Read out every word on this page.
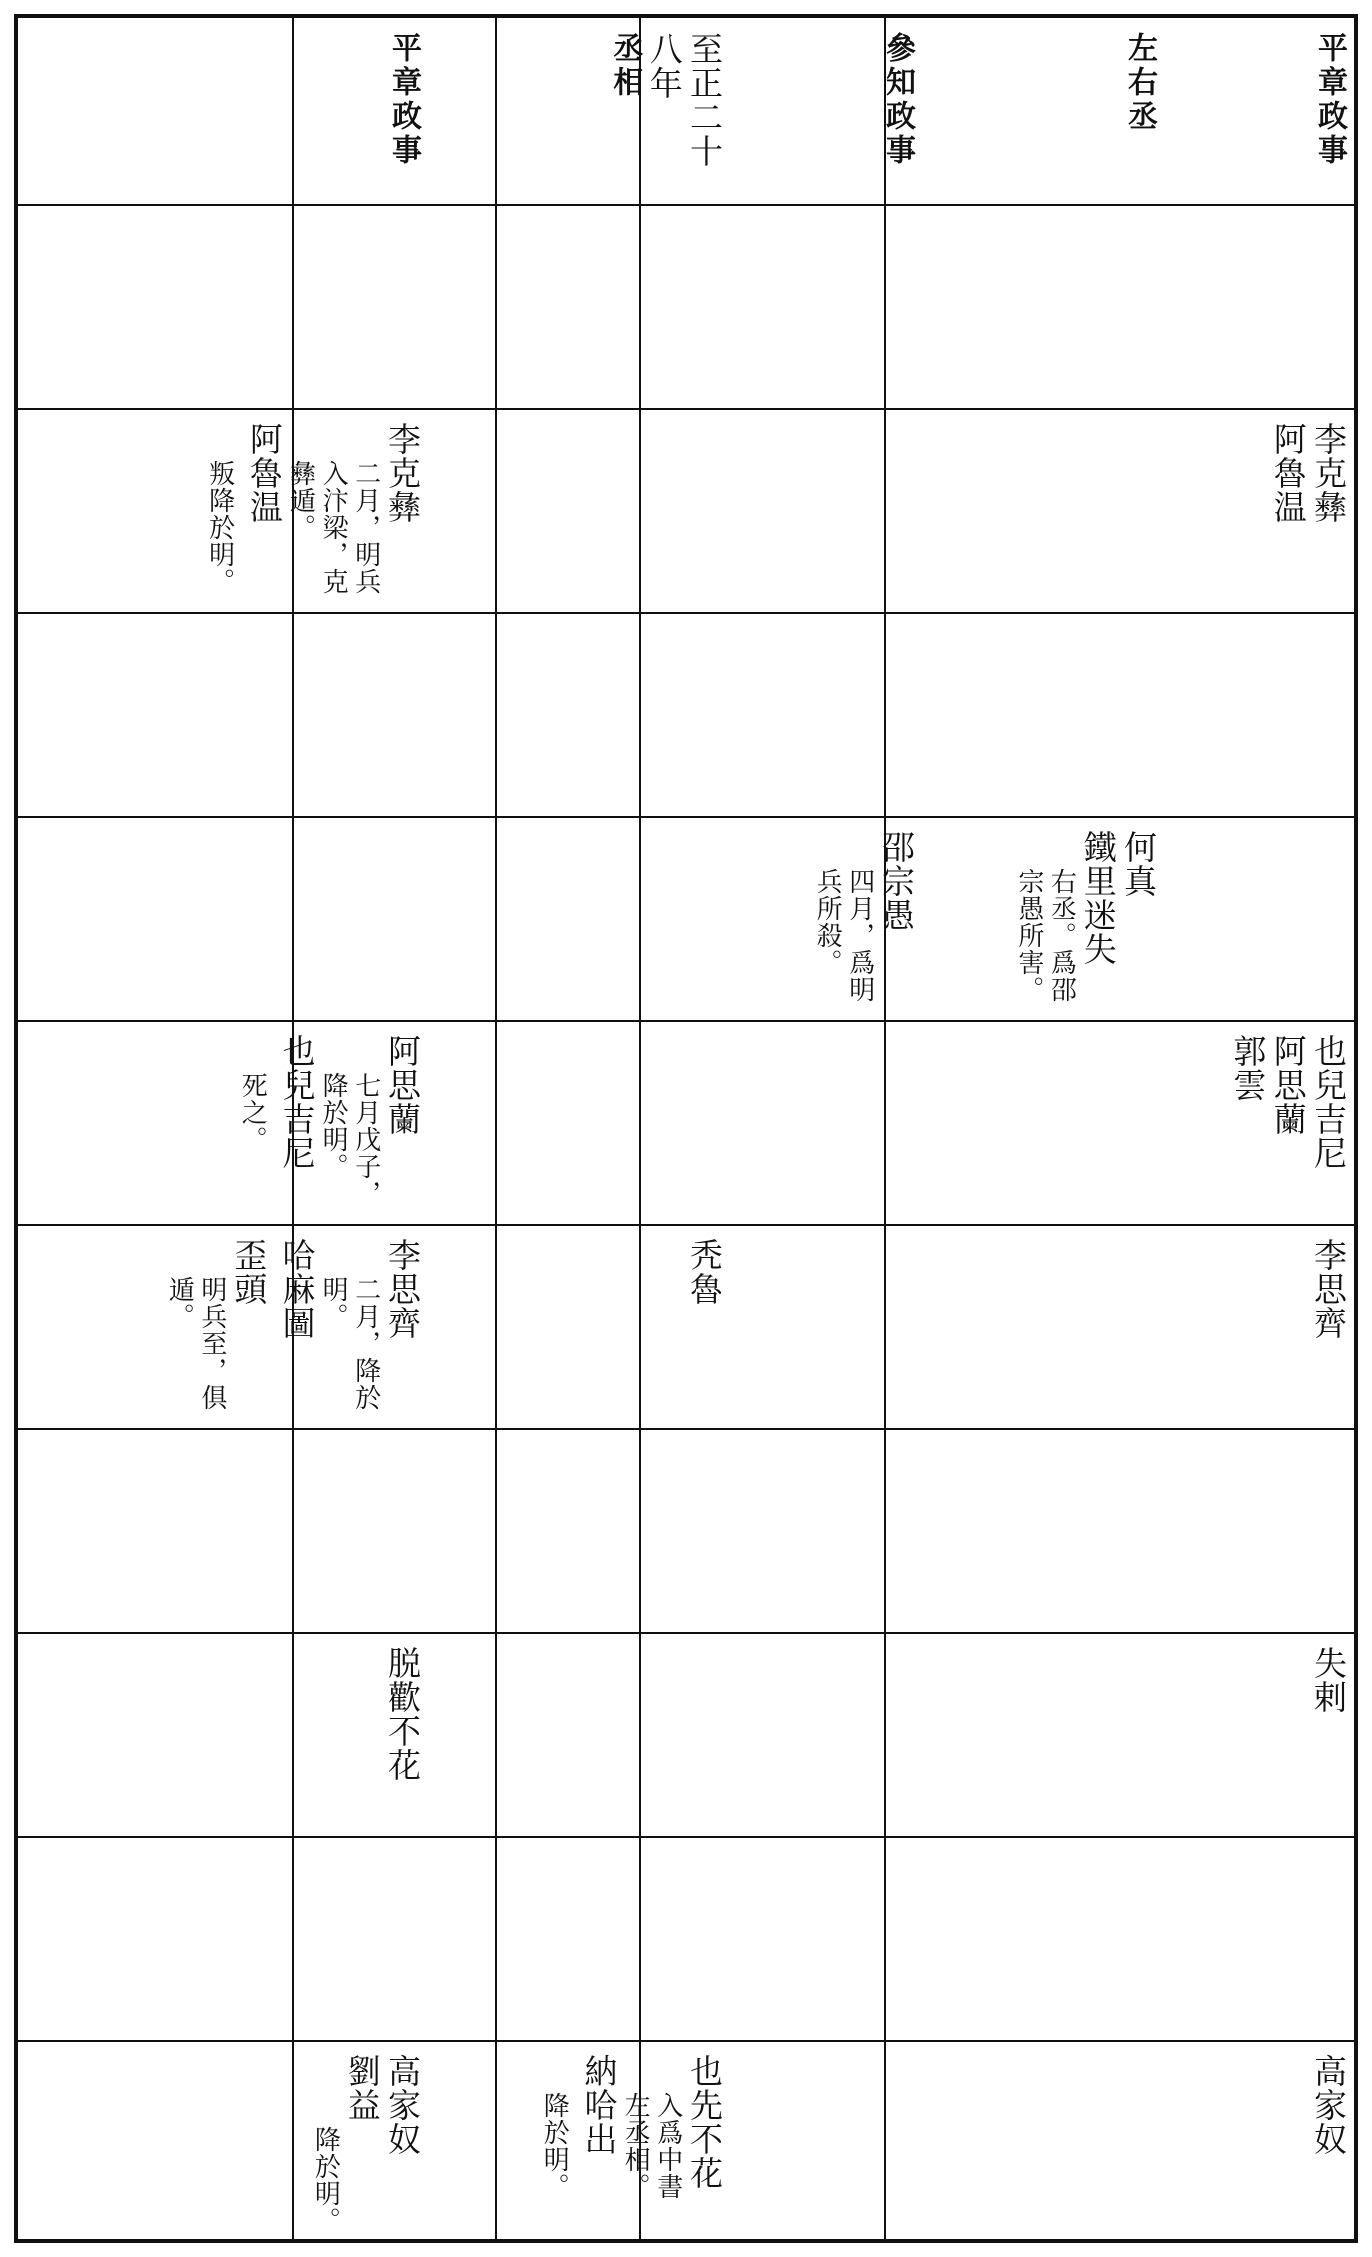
平章政事
左右丞
參知政事
至正二十
八年
丞相
平章政事
李克彝
阿魯温
李克彝
二月，明兵
入汴梁，克
彝遁。
阿魯温
叛降於明。
何真
鐵里迷失
右丞。爲邵
宗愚所害。
邵宗愚
四月，爲明
兵所殺。
也兒吉尼
阿思蘭
郭雲
阿思蘭
七月戊子，
降於明。
也兒吉尼
死之。
李思齊
秃魯
李思齊
二月，降於
明。
哈麻圖
歪頭
明兵至，俱
遁。
失剌
脱歡不花
高家奴
也先不花
入爲中書
左丞相。
納哈出
降於明。
高家奴
劉益
降於明。
